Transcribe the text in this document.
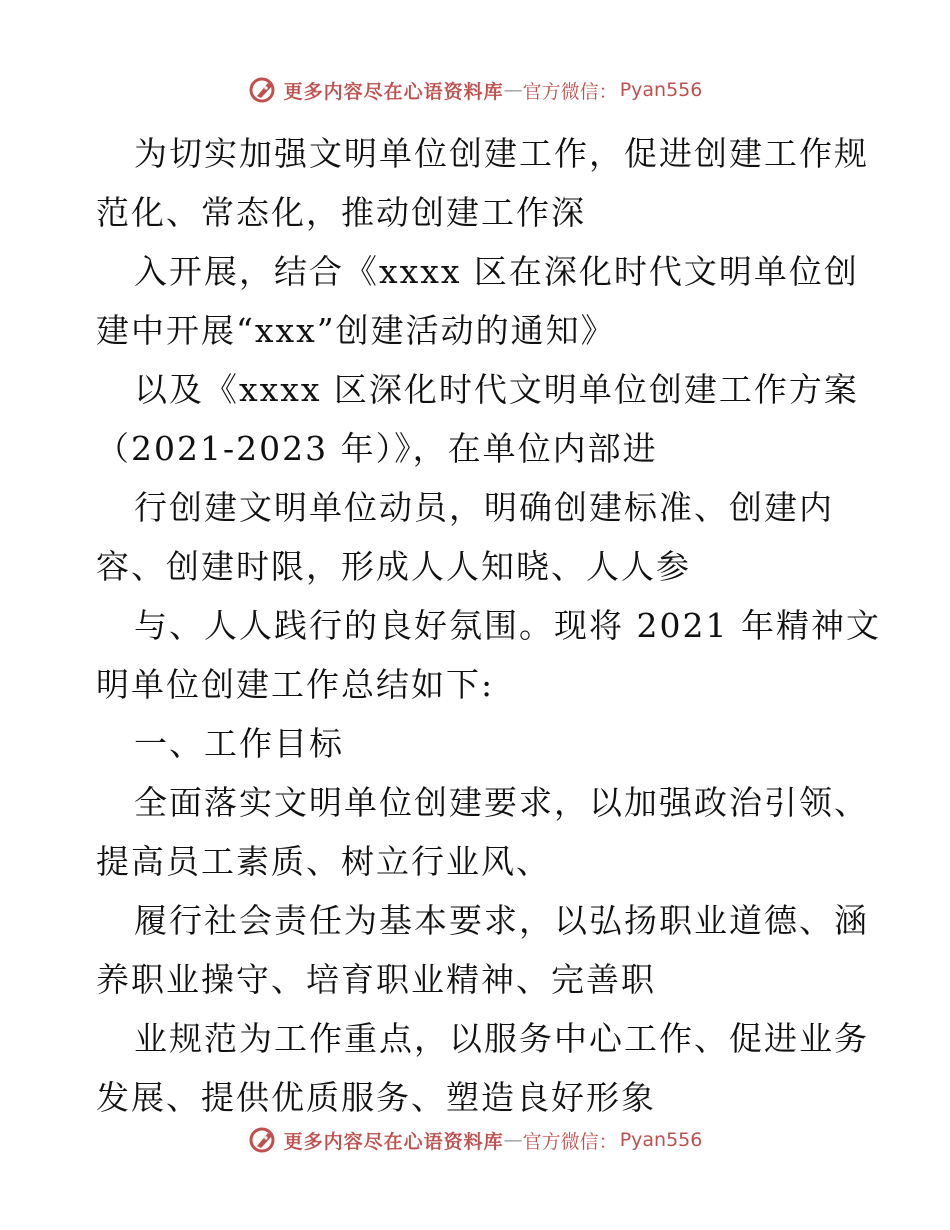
更多内容尽在心语资料库 — 官方微信： Pyan556
为切实加强文明单位创建工作，促进创建工作规
范化、常态化，推动创建工作深
入开展，结合《xxxx 区在深化时代文明单位创
建中开展“xxx”创建活动的通知》
以及《xxxx 区深化时代文明单位创建工作方案
（2021-2023 年）》，在单位内部进
行创建文明单位动员，明确创建标准、创建内
容、创建时限，形成人人知晓、人人参
与、人人践行的良好氛围。现将 2021 年精神文
明单位创建工作总结如下:
一、工作目标
全面落实文明单位创建要求，以加强政治引领、
提高员工素质、树立行业风、
履行社会责任为基本要求，以弘扬职业道德、涵
养职业操守、培育职业精神、完善职
业规范为工作重点，以服务中心工作、促进业务
发展、提供优质服务、塑造良好形象
更多内容尽在心语资料库 — 官方微信： Pyan556
